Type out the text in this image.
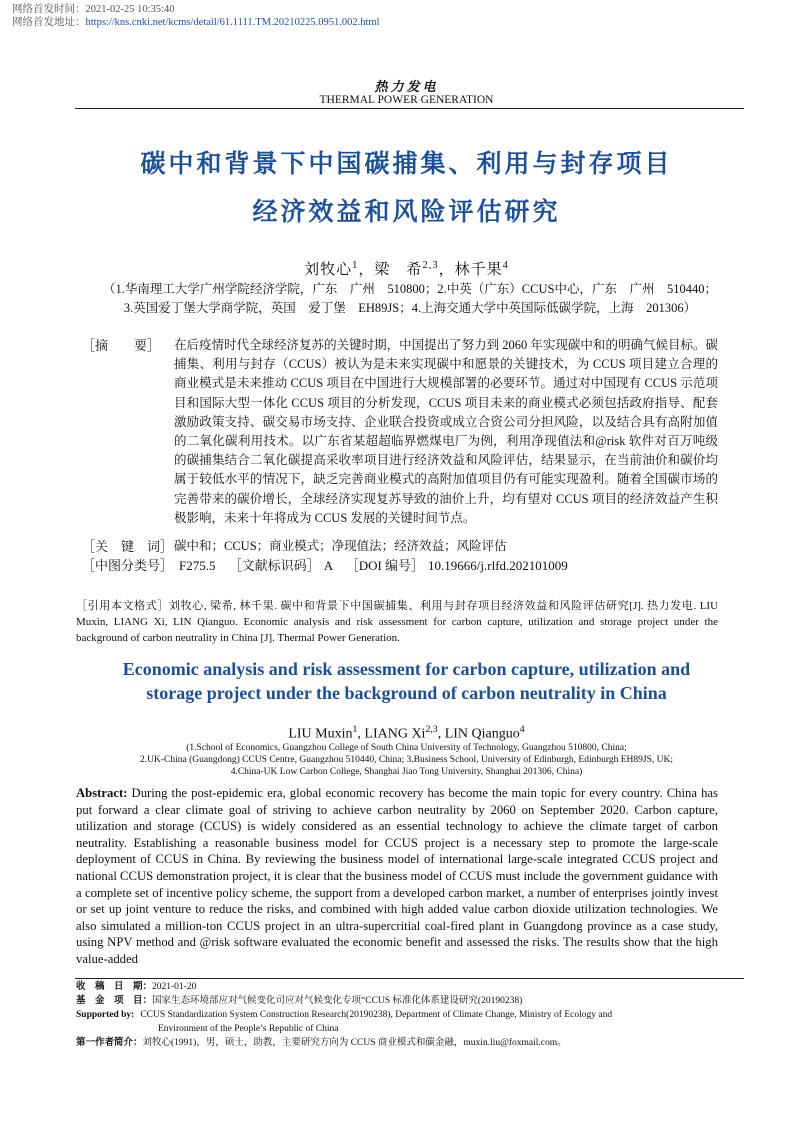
网络首发时间：2021-02-25 10:35:40
网络首发地址：https://kns.cnki.net/kcms/detail/61.1111.TM.20210225.0951.002.html
热力发电
THERMAL POWER GENERATION
碳中和背景下中国碳捕集、利用与封存项目
经济效益和风险评估研究
刘牧心$^1$，梁　希$^{2,3}$，林千果$^4$
（1.华南理工大学广州学院经济学院，广东　广州　510800；2.中英（广东）CCUS中心，广东　广州　510440；
3.英国爱丁堡大学商学院，英国　爱丁堡　EH89JS；4.上海交通大学中英国际低碳学院，上海　201306）
［摘　　要］ 在后疫情时代全球经济复苏的关键时期，中国提出了努力到 2060 年实现碳中和的明确气候目标。碳捕集、利用与封存（CCUS）被认为是未来实现碳中和愿景的关键技术，为 CCUS 项目建立合理的商业模式是未来推动 CCUS 项目在中国进行大规模部署的必要环节。通过对中国现有 CCUS 示范项目和国际大型一体化 CCUS 项目的分析发现，CCUS 项目未来的商业模式必须包括政府指导、配套激励政策支持、碳交易市场支持、企业联合投资或成立合资公司分担风险，以及结合具有高附加值的二氧化碳利用技术。以广东省某超超临界燃煤电厂为例，利用净现值法和@risk 软件对百万吨级的碳捕集结合二氧化碳提高采收率项目进行经济效益和风险评估，结果显示，在当前油价和碳价均属于较低水平的情况下，缺乏完善商业模式的高附加值项目仍有可能实现盈利。随着全国碳市场的完善带来的碳价增长，全球经济实现复苏导致的油价上升，均有望对 CCUS 项目的经济效益产生积极影响，未来十年将成为 CCUS 发展的关键时间节点。
［关　键　词］ 碳中和；CCUS；商业模式；净现值法；经济效益；风险评估
［中图分类号］ F275.5 ［文献标识码］ A ［DOI 编号］ 10.19666/j.rlfd.202101009
［引用本文格式］刘牧心, 梁希, 林千果. 碳中和背景下中国碳捕集、利用与封存项目经济效益和风险评估研究[J]. 热力发电. LIU Muxin, LIANG Xi, LIN Qianguo. Economic analysis and risk assessment for carbon capture, utilization and storage project under the background of carbon neutrality in China [J]. Thermal Power Generation.
Economic analysis and risk assessment for carbon capture, utilization and
storage project under the background of carbon neutrality in China
LIU Muxin$^1$, LIANG Xi$^{2,3}$, LIN Qianguo$^4$
(1.School of Economics, Guangzhou College of South China University of Technology, Guangzhou 510800, China;
2.UK-China (Guangdong) CCUS Centre, Guangzhou 510440, China; 3.Business School, University of Edinburgh, Edinburgh EH89JS, UK;
4.China-UK Low Carbon College, Shanghai Jiao Tong University, Shanghai 201306, China)
Abstract: During the post-epidemic era, global economic recovery has become the main topic for every country. China has put forward a clear climate goal of striving to achieve carbon neutrality by 2060 on September 2020. Carbon capture, utilization and storage (CCUS) is widely considered as an essential technology to achieve the climate target of carbon neutrality. Establishing a reasonable business model for CCUS project is a necessary step to promote the large-scale deployment of CCUS in China. By reviewing the business model of international large-scale integrated CCUS project and national CCUS demonstration project, it is clear that the business model of CCUS must include the government guidance with a complete set of incentive policy scheme, the support from a developed carbon market, a number of enterprises jointly invest or set up joint venture to reduce the risks, and combined with high added value carbon dioxide utilization technologies. We also simulated a million-ton CCUS project in an ultra-supercritial coal-fired plant in Guangdong province as a case study, using NPV method and @risk software evaluated the economic benefit and assessed the risks. The results show that the high value-added
收　稿　日　期：2021-01-20
基　金　项　目：国家生态环境部应对气候变化司应对气候变化专项“CCUS 标准化体系建设研究(20190238)
Supported by: CCUS Standardization System Construction Research(20190238), Department of Climate Change, Ministry of Ecology and
Environment of the People’s Republic of China
第一作者简介：刘牧心(1991)，男，硕士，助教，主要研究方向为 CCUS 商业模式和碳金融，muxin.liu@foxmail.com。
